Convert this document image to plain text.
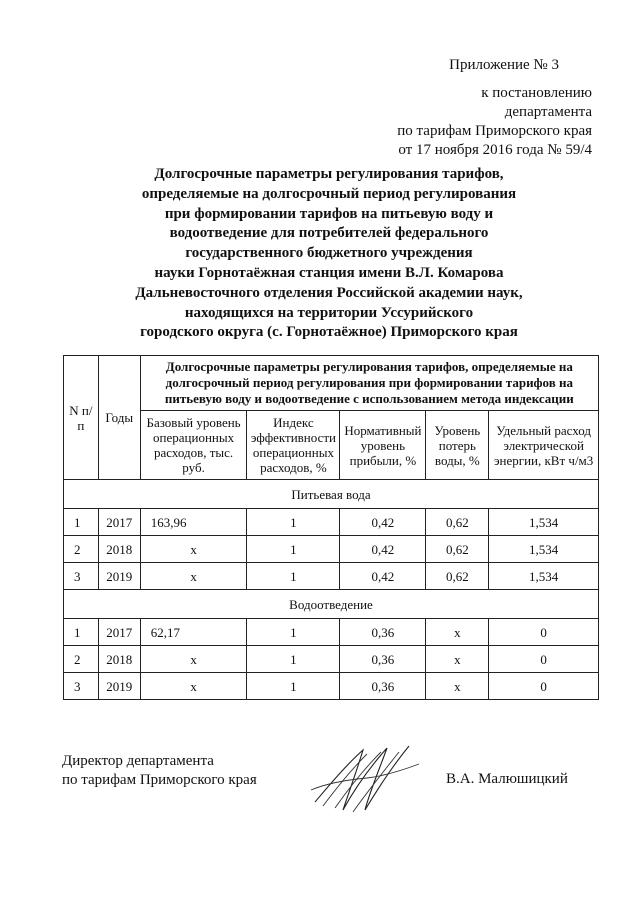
Приложение № 3
к постановлению департамента
по тарифам Приморского края
от 17 ноября 2016 года № 59/4
Долгосрочные параметры регулирования тарифов,
определяемые на долгосрочный период регулирования
при формировании тарифов на питьевую воду и
водоотведение для потребителей федерального
государственного бюджетного учреждения
науки Горнотаёжная станция имени В.Л. Комарова
Дальневосточного отделения Российской академии наук,
находящихся на территории Уссурийского
городского округа (с. Горнотаёжное) Приморского края
N п/п	Годы	Долгосрочные параметры регулирования тарифов, определяемые на долгосрочный период регулирования при формировании тарифов на питьевую воду и водоотведение с использованием метода индексации				
		Базовый уровень операционных расходов, тыс. руб.	Индекс эффективности операционных расходов, %	Нормативный уровень прибыли, %	Уровень потерь воды, %	Удельный расход электрической энергии, кВт ч/м3
Питьевая вода						
1	2017	163,96	1	0,42	0,62	1,534
2	2018	х	1	0,42	0,62	1,534
3	2019	х	1	0,42	0,62	1,534
Водоотведение						
1	2017	62,17	1	0,36	х	0
2	2018	х	1	0,36	х	0
3	2019	х	1	0,36	х	0
Директор департамента
по тарифам Приморского края	В.А. Малюшицкий
